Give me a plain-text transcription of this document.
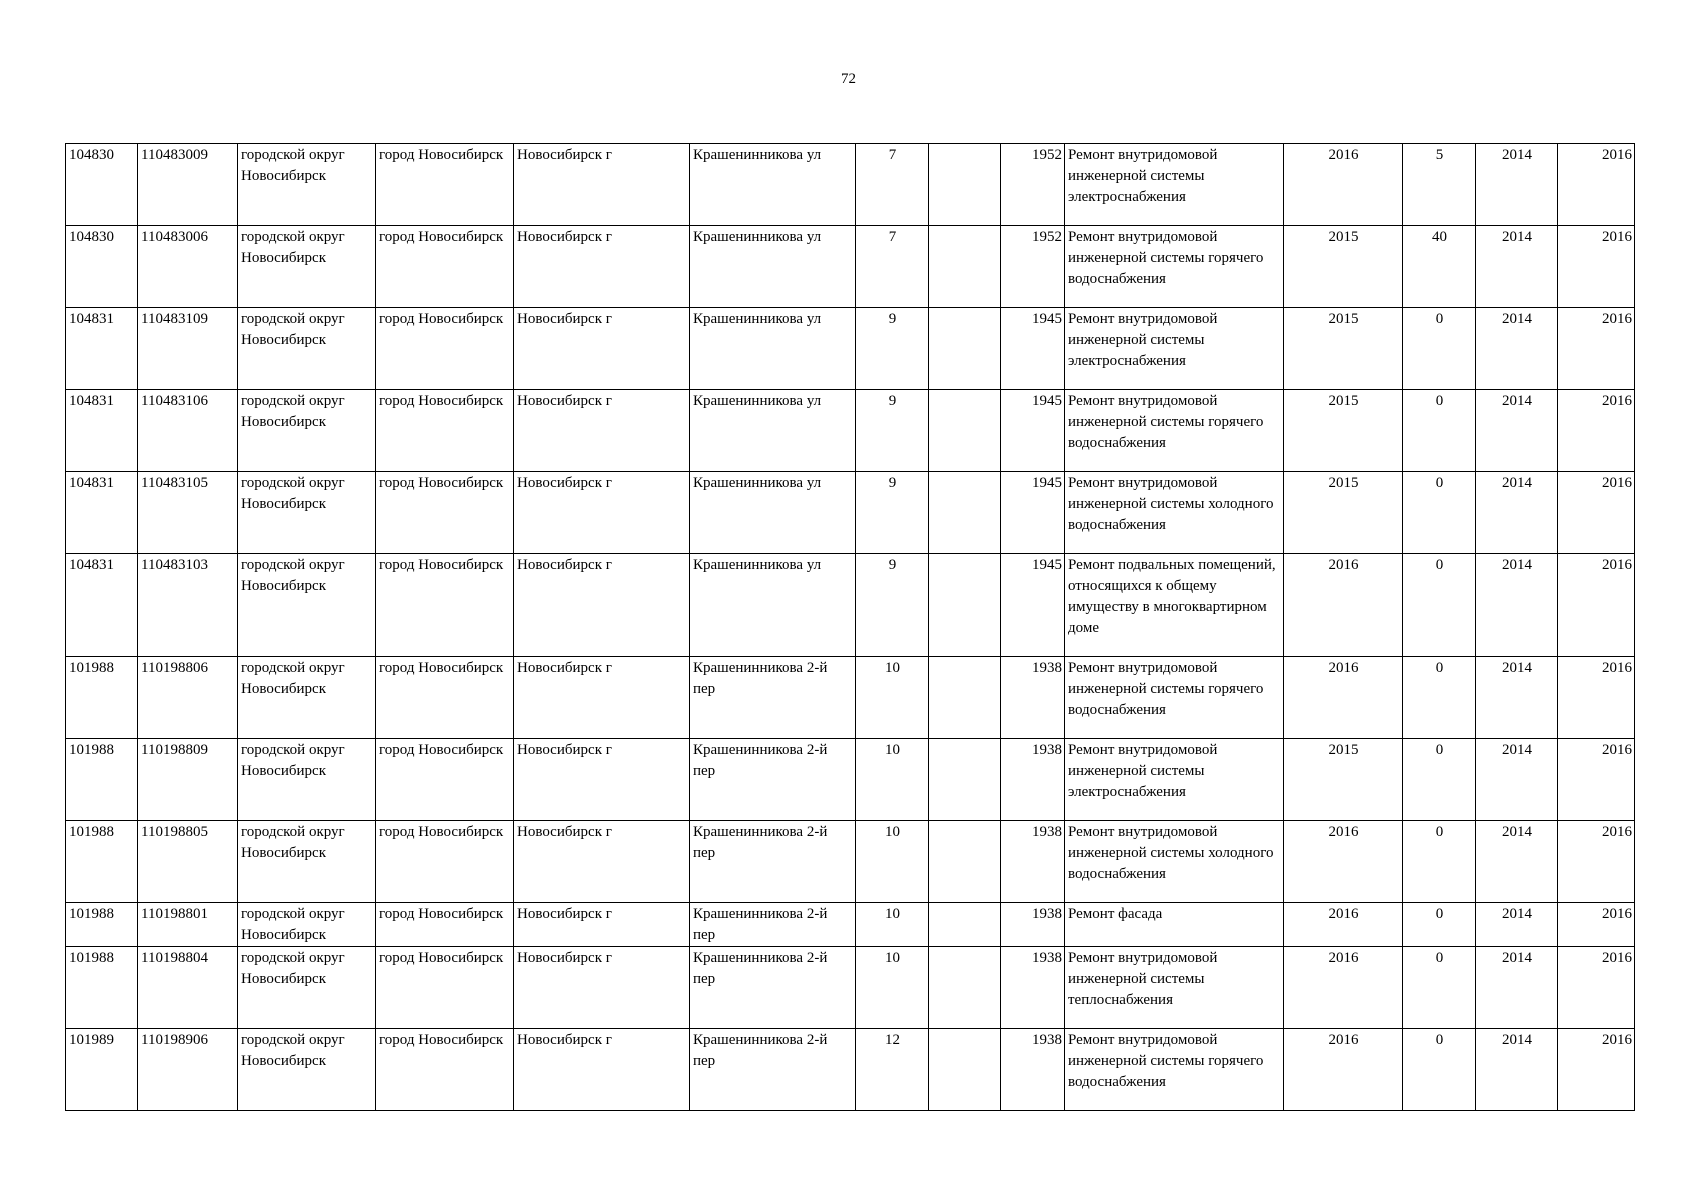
72
104830	110483009	городской округ Новосибирск	город Новосибирск	Новосибирск г	Крашенинникова ул	7		1952	Ремонт внутридомовой инженерной системы электроснабжения	2016	5	2014	2016
104830	110483006	городской округ Новосибирск	город Новосибирск	Новосибирск г	Крашенинникова ул	7		1952	Ремонт внутридомовой инженерной системы горячего водоснабжения	2015	40	2014	2016
104831	110483109	городской округ Новосибирск	город Новосибирск	Новосибирск г	Крашенинникова ул	9		1945	Ремонт внутридомовой инженерной системы электроснабжения	2015	0	2014	2016
104831	110483106	городской округ Новосибирск	город Новосибирск	Новосибирск г	Крашенинникова ул	9		1945	Ремонт внутридомовой инженерной системы горячего водоснабжения	2015	0	2014	2016
104831	110483105	городской округ Новосибирск	город Новосибирск	Новосибирск г	Крашенинникова ул	9		1945	Ремонт внутридомовой инженерной системы холодного водоснабжения	2015	0	2014	2016
104831	110483103	городской округ Новосибирск	город Новосибирск	Новосибирск г	Крашенинникова ул	9		1945	Ремонт подвальных помещений, относящихся к общему имуществу в многоквартирном доме	2016	0	2014	2016
101988	110198806	городской округ Новосибирск	город Новосибирск	Новосибирск г	Крашенинникова 2-й пер	10		1938	Ремонт внутридомовой инженерной системы горячего водоснабжения	2016	0	2014	2016
101988	110198809	городской округ Новосибирск	город Новосибирск	Новосибирск г	Крашенинникова 2-й пер	10		1938	Ремонт внутридомовой инженерной системы электроснабжения	2015	0	2014	2016
101988	110198805	городской округ Новосибирск	город Новосибирск	Новосибирск г	Крашенинникова 2-й пер	10		1938	Ремонт внутридомовой инженерной системы холодного водоснабжения	2016	0	2014	2016
101988	110198801	городской округ Новосибирск	город Новосибирск	Новосибирск г	Крашенинникова 2-й пер	10		1938	Ремонт фасада	2016	0	2014	2016
101988	110198804	городской округ Новосибирск	город Новосибирск	Новосибирск г	Крашенинникова 2-й пер	10		1938	Ремонт внутридомовой инженерной системы теплоснабжения	2016	0	2014	2016
101989	110198906	городской округ Новосибирск	город Новосибирск	Новосибирск г	Крашенинникова 2-й пер	12		1938	Ремонт внутридомовой инженерной системы горячего водоснабжения	2016	0	2014	2016
